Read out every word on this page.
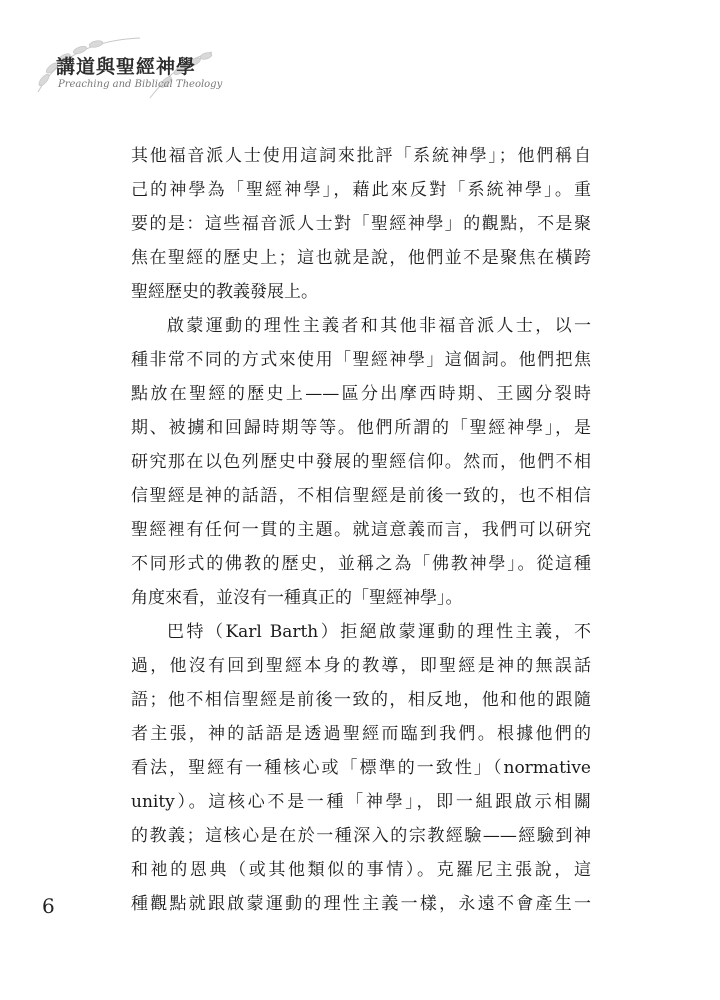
講道與聖經神學
Preaching and Biblical Theology
其他福音派人士使用這詞來批評「系統神學」；他們稱自
己的神學為「聖經神學」，藉此來反對「系統神學」。重
要的是：這些福音派人士對「聖經神學」的觀點，不是聚
焦在聖經的歷史上；這也就是說，他們並不是聚焦在橫跨
聖經歷史的教義發展上。
啟蒙運動的理性主義者和其他非福音派人士，以一
種非常不同的方式來使用「聖經神學」這個詞。他們把焦
點放在聖經的歷史上——區分出摩西時期、王國分裂時
期、被擄和回歸時期等等。他們所謂的「聖經神學」，是
研究那在以色列歷史中發展的聖經信仰。然而，他們不相
信聖經是神的話語，不相信聖經是前後一致的，也不相信
聖經裡有任何一貫的主題。就這意義而言，我們可以研究
不同形式的佛教的歷史，並稱之為「佛教神學」。從這種
角度來看，並沒有一種真正的「聖經神學」。
巴特（Karl Barth）拒絕啟蒙運動的理性主義，不
過，他沒有回到聖經本身的教導，即聖經是神的無誤話
語；他不相信聖經是前後一致的，相反地，他和他的跟隨
者主張，神的話語是透過聖經而臨到我們。根據他們的
看法，聖經有一種核心或「標準的一致性」（normative
unity）。這核心不是一種「神學」，即一組跟啟示相關
的教義；這核心是在於一種深入的宗教經驗——經驗到神
和祂的恩典（或其他類似的事情）。克羅尼主張說，這
種觀點就跟啟蒙運動的理性主義一樣，永遠不會產生一
6
